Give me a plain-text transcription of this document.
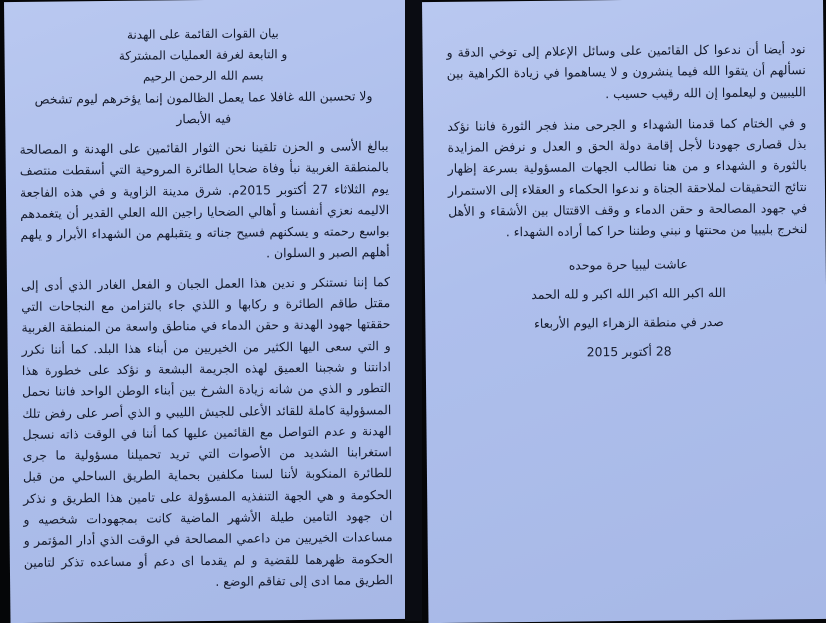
بيان القوات القائمة على الهدنة
و التابعة لغرفة العمليات المشتركة
بسم الله الرحمن الرحيم

ولا تحسبن الله غافلا عما يعمل الظالمون إنما يؤخرهم ليوم تشخص فيه الأبصار

ببالغ الأسى و الحزن تلقينا نحن الثوار القائمين على الهدنة و المصالحة بالمنطقة الغربية نبأ وفاة ضحايا الطائرة المروحية التي أسقطت منتصف يوم الثلاثاء 27 أكتوبر 2015م. شرق مدينة الزاوية و في هذه الفاجعة الاليمه نعزي أنفسنا و أهالي الضحايا راجين الله العلي القدير أن يتغمدهم بواسع رحمته و يسكنهم فسيح جناته و يتقبلهم من الشهداء الأبرار و يلهم أهلهم الصبر و السلوان .

كما إننا نستنكر و ندين هذا العمل الجبان و الفعل الغادر الذي أدى إلى مقتل طاقم الطائرة و ركابها و اللذي جاء بالتزامن مع النجاحات التي حققتها جهود الهدنة و حقن الدماء في مناطق واسعة من المنطقة الغربية و التي سعى اليها الكثير من الخيريين من أبناء هذا البلد. كما أننا نكرر ادانتنا و شجبنا العميق لهذه الجريمة البشعة و نؤكد على خطورة هذا التطور و الذي من شانه زيادة الشرخ بين أبناء الوطن الواحد فاننا نحمل المسؤولية كاملة للقائد الأعلى للجيش الليبي و الذي أصر على رفض تلك الهدنة و عدم التواصل مع القائمين عليها كما أننا في الوقت ذاته نسجل استغرابنا الشديد من الأصوات التي تريد تحميلنا مسؤولية ما جرى للطائرة المنكوبة لأننا لسنا مكلفين بحماية الطريق الساحلي من قبل الحكومة و هي الجهة التنفذيه المسؤولة على تامين هذا الطريق و نذكر ان جهود التامين طيلة الأشهر الماضية كانت بمجهودات شخصيه و مساعدات الخيريين من داعمي المصالحة في الوقت الذي أدار المؤتمر و الحكومة ظهرهما للقضية و لم يقدما اى دعم أو مساعده تذكر لتامين الطريق مما ادى إلى تفاقم الوضع .

نود أيضا أن ندعوا كل القائمين على وسائل الإعلام إلى توخي الدقة و نسألهم أن يتقوا الله فيما ينشرون و لا يساهموا في زيادة الكراهية بين الليبيين و ليعلموا إن الله رقيب حسيب .

و في الختام كما قدمنا الشهداء و الجرحى منذ فجر الثورة فاننا نؤكد بذل قصارى جهودنا لأجل إقامة دولة الحق و العدل و نرفض المزايدة بالثورة و الشهداء و من هنا نطالب الجهات المسؤولية بسرعة إظهار نتائج التحقيقات لملاحقة الجناة و ندعوا الحكماء و العقلاء إلى الاستمرار في جهود المصالحة و حقن الدماء و وقف الاقتتال بين الأشقاء و الأهل لنخرج بليبيا من محنتها و نبني وطننا حرا كما أراده الشهداء .

عاشت ليبيا حرة موحده
الله اكبر الله اكبر الله اكبر و لله الحمد
صدر في منطقة الزهراء اليوم الأربعاء
28 أكتوبر 2015
